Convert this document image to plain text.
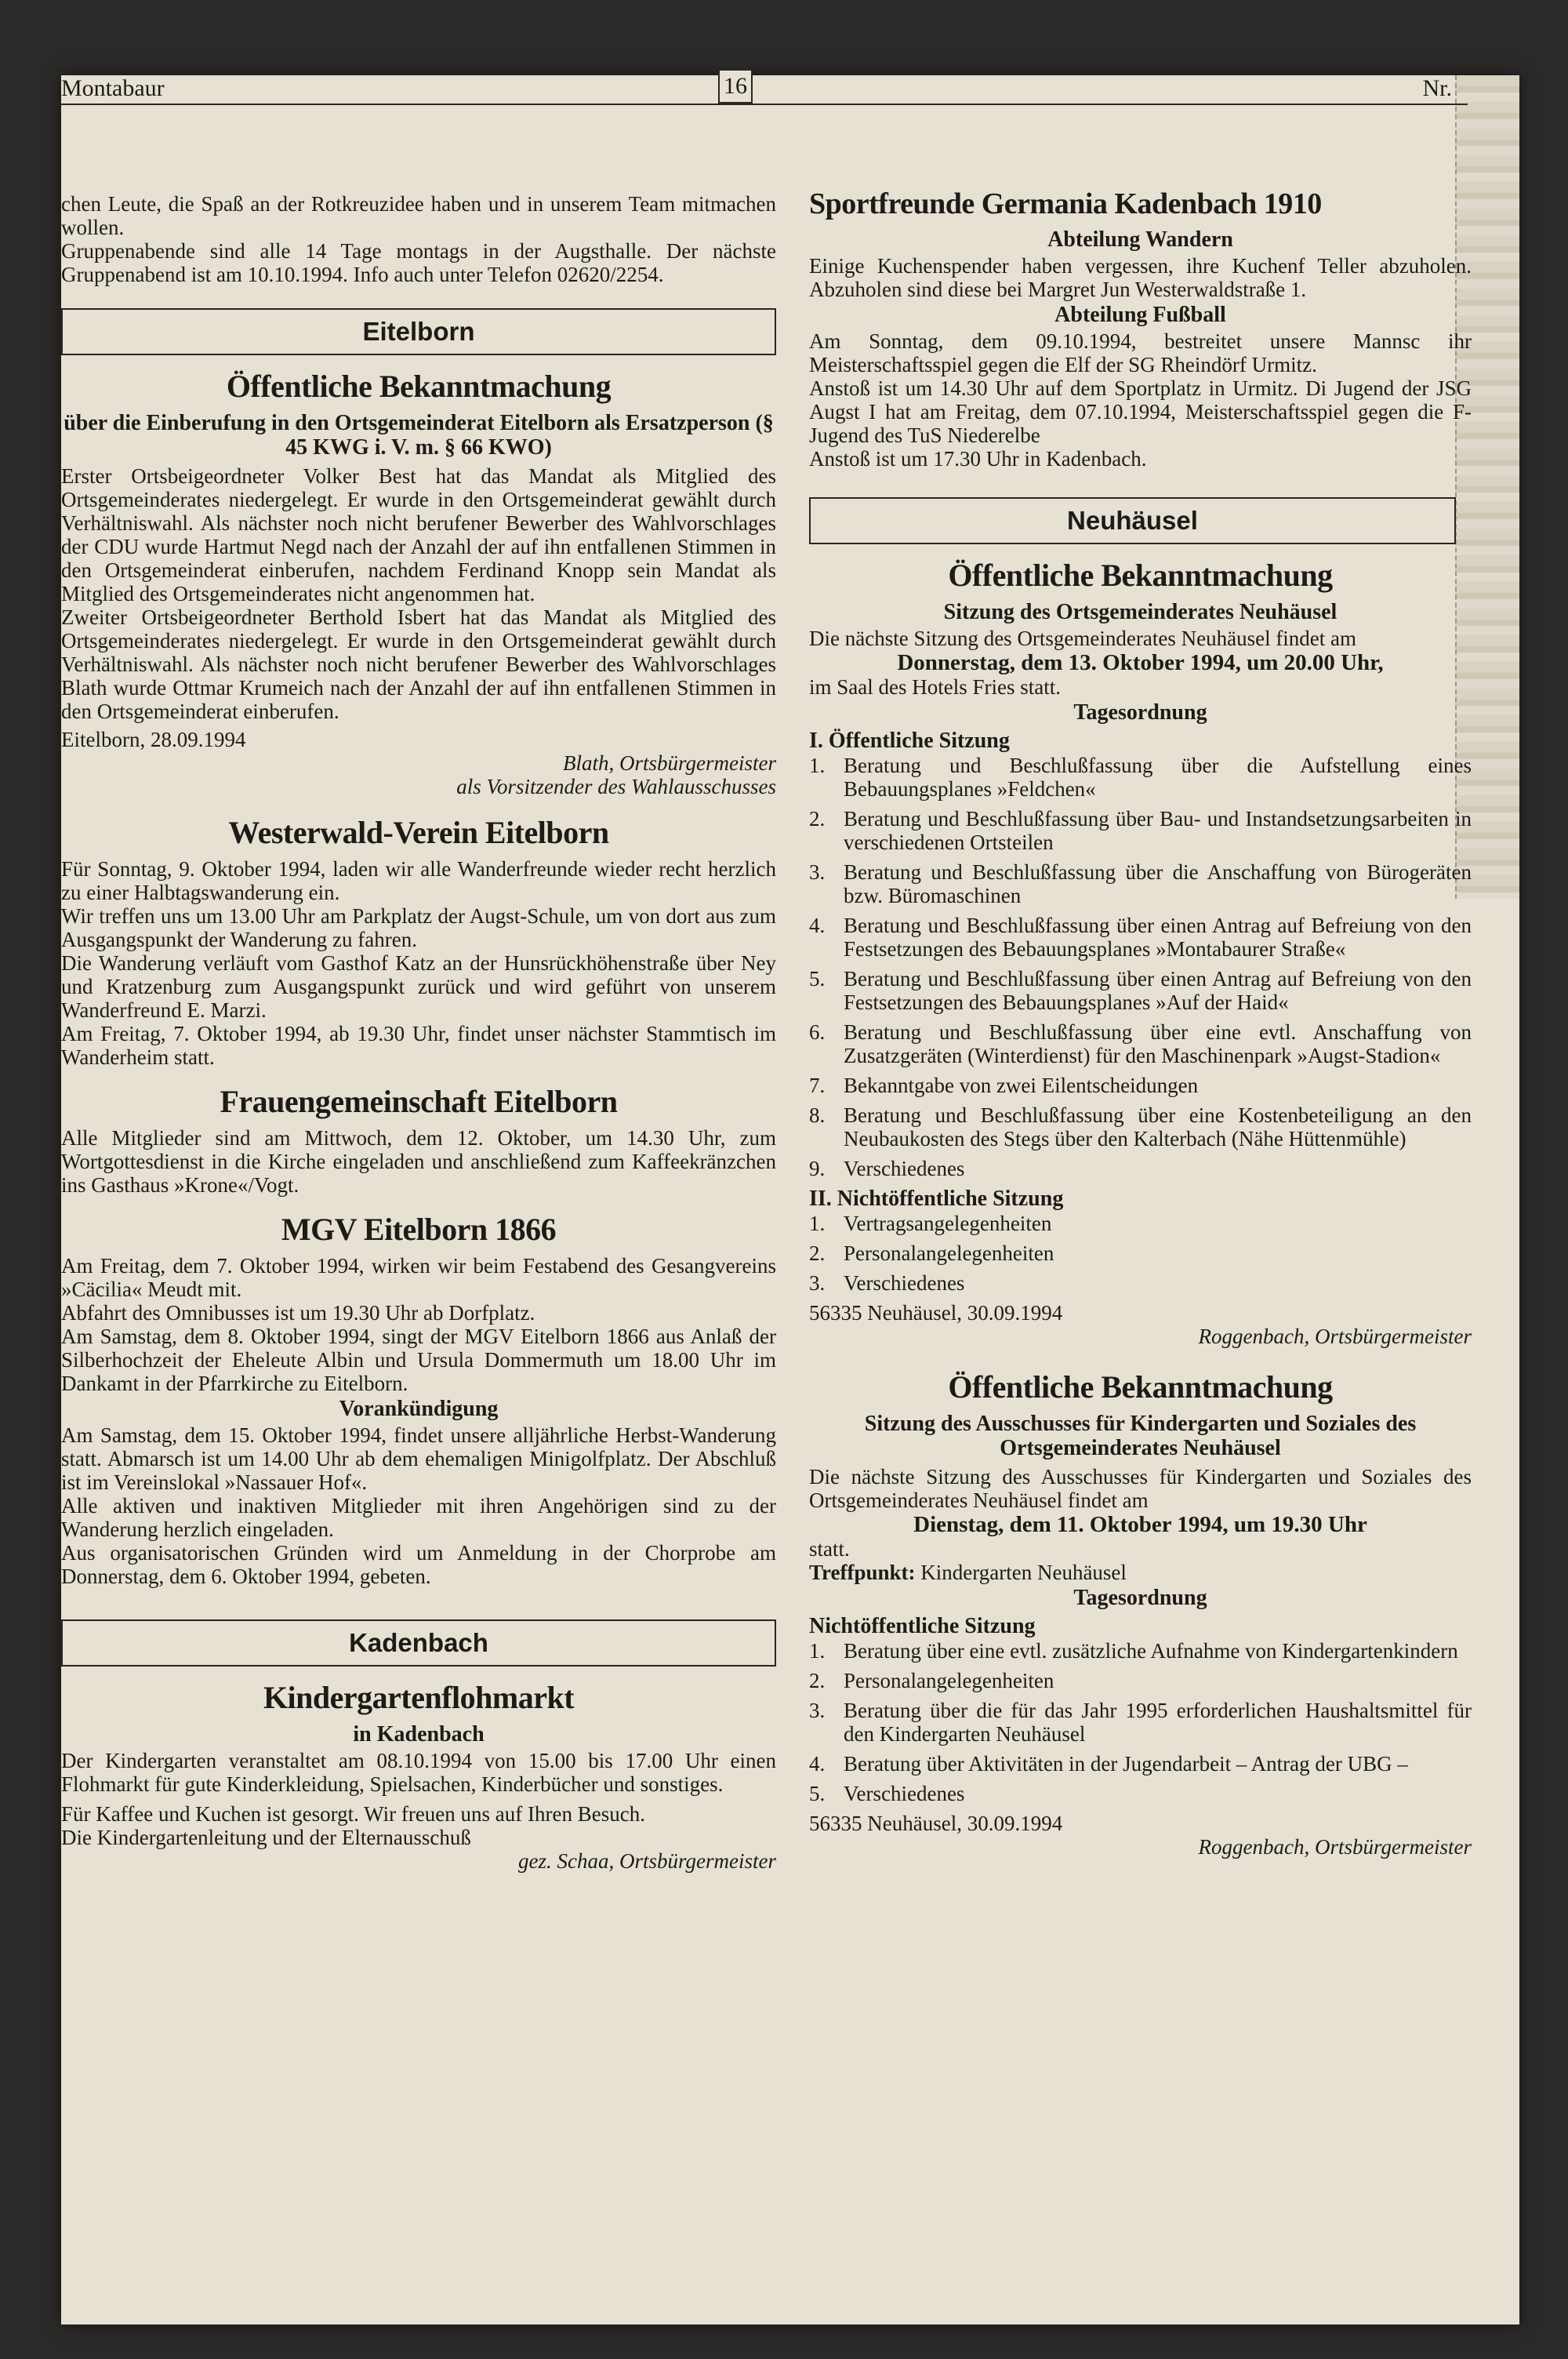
Montabaur	16	Nr.

chen Leute, die Spaß an der Rotkreuzidee haben und in unserem Team mitmachen wollen.

Gruppenabende sind alle 14 Tage montags in der Augsthalle. Der nächste Gruppenabend ist am 10.10.1994. Info auch unter Telefon 02620/2254.

Eitelborn
Öffentliche Bekanntmachung
über die Einberufung in den Ortsgemeinderat Eitelborn als Ersatzperson (§ 45 KWG i. V. m. § 66 KWO)

Erster Ortsbeigeordneter Volker Best hat das Mandat als Mitglied des Ortsgemeinderates niedergelegt. Er wurde in den Ortsgemeinderat gewählt durch Verhältniswahl. Als nächster noch nicht berufener Bewerber des Wahlvorschlages der CDU wurde Hartmut Negd nach der Anzahl der auf ihn entfallenen Stimmen in den Ortsgemeinderat einberufen, nachdem Ferdinand Knopp sein Mandat als Mitglied des Ortsgemeinderates nicht angenommen hat.

Zweiter Ortsbeigeordneter Berthold Isbert hat das Mandat als Mitglied des Ortsgemeinderates niedergelegt. Er wurde in den Ortsgemeinderat gewählt durch Verhältniswahl. Als nächster noch nicht berufener Bewerber des Wahlvorschlages Blath wurde Ottmar Krumeich nach der Anzahl der auf ihn entfallenen Stimmen in den Ortsgemeinderat einberufen.

Eitelborn, 28.09.1994

Blath, Ortsbürgermeister
als Vorsitzender des Wahlausschusses
Westerwald-Verein Eitelborn

Für Sonntag, 9. Oktober 1994, laden wir alle Wanderfreunde wieder recht herzlich zu einer Halbtagswanderung ein.

Wir treffen uns um 13.00 Uhr am Parkplatz der Augst-Schule, um von dort aus zum Ausgangspunkt der Wanderung zu fahren.

Die Wanderung verläuft vom Gasthof Katz an der Hunsrückhöhenstraße über Ney und Kratzenburg zum Ausgangspunkt zurück und wird geführt von unserem Wanderfreund E. Marzi.

Am Freitag, 7. Oktober 1994, ab 19.30 Uhr, findet unser nächster Stammtisch im Wanderheim statt.

Frauengemeinschaft Eitelborn

Alle Mitglieder sind am Mittwoch, dem 12. Oktober, um 14.30 Uhr, zum Wortgottesdienst in die Kirche eingeladen und anschließend zum Kaffeekränzchen ins Gasthaus »Krone«/Vogt.

MGV Eitelborn 1866

Am Freitag, dem 7. Oktober 1994, wirken wir beim Festabend des Gesangvereins »Cäcilia« Meudt mit.

Abfahrt des Omnibusses ist um 19.30 Uhr ab Dorfplatz.

Am Samstag, dem 8. Oktober 1994, singt der MGV Eitelborn 1866 aus Anlaß der Silberhochzeit der Eheleute Albin und Ursula Dommermuth um 18.00 Uhr im Dankamt in der Pfarrkirche zu Eitelborn.

Vorankündigung

Am Samstag, dem 15. Oktober 1994, findet unsere alljährliche Herbst-Wanderung statt. Abmarsch ist um 14.00 Uhr ab dem ehemaligen Minigolfplatz. Der Abschluß ist im Vereinslokal »Nassauer Hof«.

Alle aktiven und inaktiven Mitglieder mit ihren Angehörigen sind zu der Wanderung herzlich eingeladen.

Aus organisatorischen Gründen wird um Anmeldung in der Chorprobe am Donnerstag, dem 6. Oktober 1994, gebeten.

Kadenbach
Kindergartenflohmarkt
in Kadenbach

Der Kindergarten veranstaltet am 08.10.1994 von 15.00 bis 17.00 Uhr einen Flohmarkt für gute Kinderkleidung, Spielsachen, Kinderbücher und sonstiges.

Für Kaffee und Kuchen ist gesorgt. Wir freuen uns auf Ihren Besuch.

Die Kindergartenleitung und der Elternausschuß

gez. Schaa, Ortsbürgermeister
Sportfreunde Germania Kadenbach 1910
Abteilung Wandern

Einige Kuchenspender haben vergessen, ihre Kuchenf Teller abzuholen. Abzuholen sind diese bei Margret Jun Westerwaldstraße 1.

Abteilung Fußball

Am Sonntag, dem 09.10.1994, bestreitet unsere Mannsc ihr Meisterschaftsspiel gegen die Elf der SG Rheindörf Urmitz.

Anstoß ist um 14.30 Uhr auf dem Sportplatz in Urmitz. Di Jugend der JSG Augst I hat am Freitag, dem 07.10.1994, Meisterschaftsspiel gegen die F-Jugend des TuS Niederelbe

Anstoß ist um 17.30 Uhr in Kadenbach.

Neuhäusel
Öffentliche Bekanntmachung
Sitzung des Ortsgemeinderates Neuhäusel

Die nächste Sitzung des Ortsgemeinderates Neuhäusel findet am

Donnerstag, dem 13. Oktober 1994, um 20.00 Uhr,

im Saal des Hotels Fries statt.

Tagesordnung
I. Öffentliche Sitzung
1. Beratung und Beschlußfassung über die Aufstellung eines Bebauungsplanes »Feldchen«
2. Beratung und Beschlußfassung über Bau- und Instandsetzungsarbeiten in verschiedenen Ortsteilen
3. Beratung und Beschlußfassung über die Anschaffung von Bürogeräten bzw. Büromaschinen
4. Beratung und Beschlußfassung über einen Antrag auf Befreiung von den Festsetzungen des Bebauungsplanes »Montabaurer Straße«
5. Beratung und Beschlußfassung über einen Antrag auf Befreiung von den Festsetzungen des Bebauungsplanes »Auf der Haid«
6. Beratung und Beschlußfassung über eine evtl. Anschaffung von Zusatzgeräten (Winterdienst) für den Maschinenpark »Augst-Stadion«
7. Bekanntgabe von zwei Eilentscheidungen
8. Beratung und Beschlußfassung über eine Kostenbeteiligung an den Neubaukosten des Stegs über den Kalterbach (Nähe Hüttenmühle)
9. Verschiedenes
II. Nichtöffentliche Sitzung
1. Vertragsangelegenheiten
2. Personalangelegenheiten
3. Verschiedenes

56335 Neuhäusel, 30.09.1994

Roggenbach, Ortsbürgermeister
Öffentliche Bekanntmachung
Sitzung des Ausschusses für Kindergarten und Soziales des Ortsgemeinderates Neuhäusel

Die nächste Sitzung des Ausschusses für Kindergarten und Soziales des Ortsgemeinderates Neuhäusel findet am

Dienstag, dem 11. Oktober 1994, um 19.30 Uhr

statt.

Treffpunkt: Kindergarten Neuhäusel

Tagesordnung
Nichtöffentliche Sitzung
1. Beratung über eine evtl. zusätzliche Aufnahme von Kindergartenkindern
2. Personalangelegenheiten
3. Beratung über die für das Jahr 1995 erforderlichen Haushaltsmittel für den Kindergarten Neuhäusel
4. Beratung über Aktivitäten in der Jugendarbeit – Antrag der UBG –
5. Verschiedenes

56335 Neuhäusel, 30.09.1994

Roggenbach, Ortsbürgermeister
